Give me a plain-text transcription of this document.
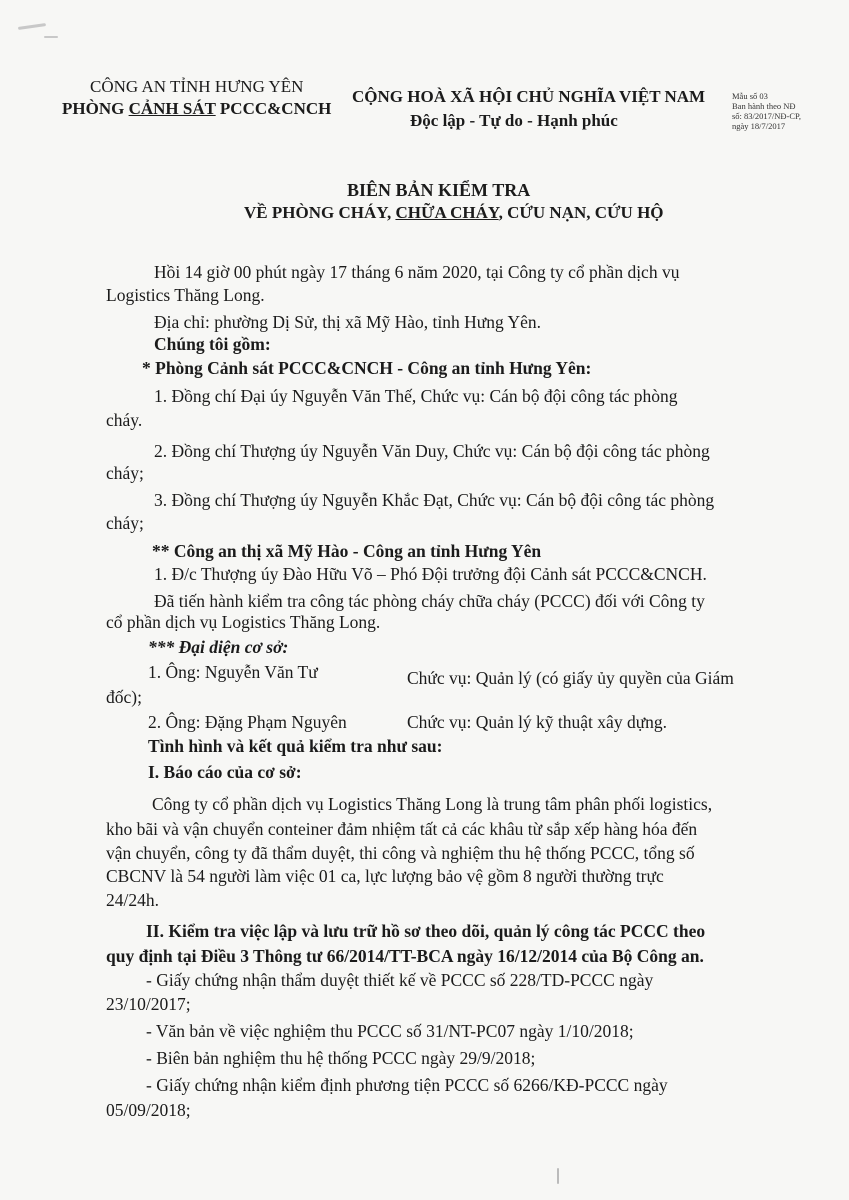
CÔNG AN TỈNH HƯNG YÊN
PHÒNG CẢNH SÁT PCCC&CNCH
CỘNG HOÀ XÃ HỘI CHỦ NGHĨA VIỆT NAM
Độc lập - Tự do - Hạnh phúc
Mẫu số 03
Ban hành theo NĐ
số: 83/2017/NĐ-CP,
ngày 18/7/2017
BIÊN BẢN KIỂM TRA
VỀ PHÒNG CHÁY, CHỮA CHÁY, CỨU NẠN, CỨU HỘ
Hồi 14 giờ 00 phút ngày 17 tháng 6 năm 2020, tại Công ty cổ phần dịch vụ
Logistics Thăng Long.
Địa chỉ: phường Dị Sử, thị xã Mỹ Hào, tỉnh Hưng Yên.
Chúng tôi gồm:
* Phòng Cảnh sát PCCC&CNCH - Công an tỉnh Hưng Yên:
1. Đồng chí Đại úy Nguyễn Văn Thế, Chức vụ: Cán bộ đội công tác phòng
cháy.
2. Đồng chí Thượng úy Nguyễn Văn Duy, Chức vụ: Cán bộ đội công tác phòng
cháy;
3. Đồng chí Thượng úy Nguyễn Khắc Đạt, Chức vụ: Cán bộ đội công tác phòng
cháy;
** Công an thị xã Mỹ Hào - Công an tỉnh Hưng Yên
1. Đ/c Thượng úy Đào Hữu Võ – Phó Đội trưởng đội Cảnh sát PCCC&CNCH.
Đã tiến hành kiểm tra công tác phòng cháy chữa cháy (PCCC) đối với Công ty
cổ phần dịch vụ Logistics Thăng Long.
*** Đại diện cơ sở:
1. Ông: Nguyễn Văn Tư	Chức vụ: Quản lý (có giấy ủy quyền của Giám
đốc);
2. Ông: Đặng Phạm Nguyên	Chức vụ: Quản lý kỹ thuật xây dựng.
Tình hình và kết quả kiểm tra như sau:
I. Báo cáo của cơ sở:
Công ty cổ phần dịch vụ Logistics Thăng Long là trung tâm phân phối logistics,
kho bãi và vận chuyển conteiner đảm nhiệm tất cả các khâu từ sắp xếp hàng hóa đến
vận chuyển, công ty đã thẩm duyệt, thi công và nghiệm thu hệ thống PCCC, tổng số
CBCNV là 54 người làm việc 01 ca, lực lượng bảo vệ gồm 8 người thường trực
24/24h.
II. Kiểm tra việc lập và lưu trữ hồ sơ theo dõi, quản lý công tác PCCC theo
quy định tại Điều 3 Thông tư 66/2014/TT-BCA ngày 16/12/2014 của Bộ Công an.
- Giấy chứng nhận thẩm duyệt thiết kế về PCCC số 228/TD-PCCC ngày
23/10/2017;
- Văn bản về việc nghiệm thu PCCC số 31/NT-PC07 ngày 1/10/2018;
- Biên bản nghiệm thu hệ thống PCCC ngày 29/9/2018;
- Giấy chứng nhận kiểm định phương tiện PCCC số 6266/KĐ-PCCC ngày
05/09/2018;
